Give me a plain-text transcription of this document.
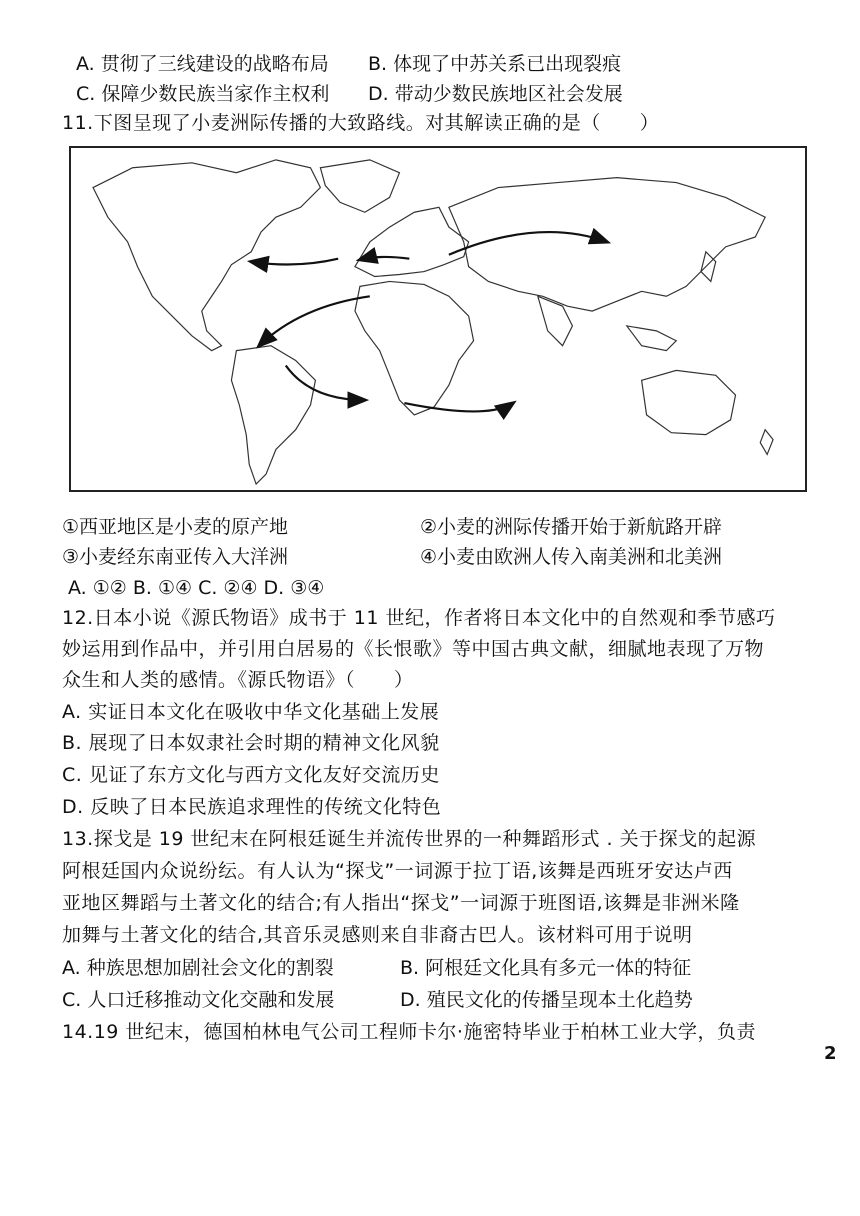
A. 贯彻了三线建设的战略布局 B. 体现了中苏关系已出现裂痕
C. 保障少数民族当家作主权利 D. 带动少数民族地区社会发展
11.下图呈现了小麦洲际传播的大致路线。对其解读正确的是（　　）
①西亚地区是小麦的原产地	②小麦的洲际传播开始于新航路开辟
③小麦经东南亚传入大洋洲	④小麦由欧洲人传入南美洲和北美洲
A. ①② B. ①④ C. ②④ D. ③④
12.日本小说《源氏物语》成书于 11 世纪，作者将日本文化中的自然观和季节感巧
妙运用到作品中，并引用白居易的《长恨歌》等中国古典文献，细腻地表现了万物
众生和人类的感情。《源氏物语》（　　）
A. 实证日本文化在吸收中华文化基础上发展
B. 展现了日本奴隶社会时期的精神文化风貌
C. 见证了东方文化与西方文化友好交流历史
D. 反映了日本民族追求理性的传统文化特色
13.探戈是 19 世纪末在阿根廷诞生并流传世界的一种舞蹈形式 . 关于探戈的起源
阿根廷国内众说纷纭。有人认为“探戈”一词源于拉丁语,该舞是西班牙安达卢西
亚地区舞蹈与土著文化的结合;有人指出“探戈”一词源于班图语,该舞是非洲米隆
加舞与土著文化的结合,其音乐灵感则来自非裔古巴人。该材料可用于说明
A. 种族思想加剧社会文化的割裂	B. 阿根廷文化具有多元一体的特征
C. 人口迁移推动文化交融和发展	D. 殖民文化的传播呈现本土化趋势
14.19 世纪末，德国柏林电气公司工程师卡尔·施密特毕业于柏林工业大学，负责
2
